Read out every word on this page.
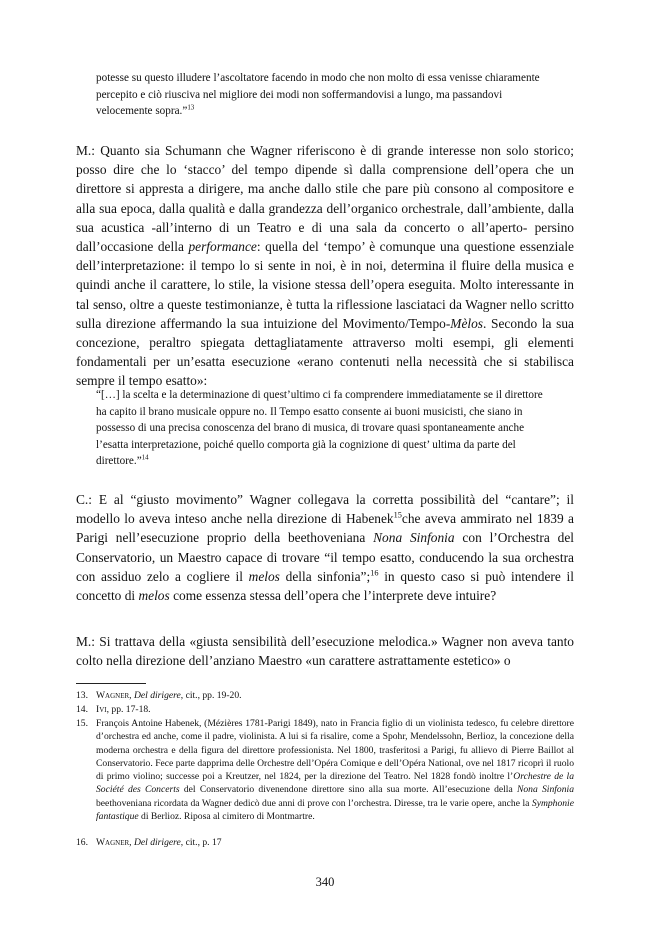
potesse su questo illudere l’ascoltatore facendo in modo che non molto di essa venisse chiaramente percepito e ciò riusciva nel migliore dei modi non soffermandovisi a lungo, ma passandovi velocemente sopra.”$^{13}$

M.: Quanto sia Schumann che Wagner riferiscono è di grande interesse non solo storico; posso dire che lo ‘stacco’ del tempo dipende sì dalla comprensione dell’opera che un direttore si appresta a dirigere, ma anche dallo stile che pare più consono al compositore e alla sua epoca, dalla qualità e dalla grandezza dell’organico orchestrale, dall’ambiente, dalla sua acustica -all’interno di un Teatro e di una sala da concerto o all’aperto- persino dall’occasione della performance: quella del ‘tempo’ è comunque una questione essenziale dell’interpretazione: il tempo lo si sente in noi, è in noi, determina il fluire della musica e quindi anche il carattere, lo stile, la visione stessa dell’opera eseguita. Molto interessante in tal senso, oltre a queste testimonianze, è tutta la riflessione lasciataci da Wagner nello scritto sulla direzione affermando la sua intuizione del Movimento/Tempo-Mèlos. Secondo la sua concezione, peraltro spiegata dettagliatamente attraverso molti esempi, gli elementi fondamentali per un’esatta esecuzione «erano contenuti nella necessità che si stabilisca sempre il tempo esatto»:

“[…] la scelta e la determinazione di quest’ultimo ci fa comprendere immediatamente se il direttore ha capito il brano musicale oppure no. Il Tempo esatto consente ai buoni musicisti, che siano in possesso di una precisa conoscenza del brano di musica, di trovare quasi spontaneamente anche l’esatta interpretazione, poiché quello comporta già la cognizione di quest’ ultima da parte del direttore.”$^{14}$

C.: E al “giusto movimento” Wagner collegava la corretta possibilità del “cantare”; il modello lo aveva inteso anche nella direzione di Habenek$^{15}$che aveva ammirato nel 1839 a Parigi nell’esecuzione proprio della beethoveniana Nona Sinfonia con l’Orchestra del Conservatorio, un Maestro capace di trovare “il tempo esatto, conducendo la sua orchestra con assiduo zelo a cogliere il melos della sinfonia”;$^{16}$ in questo caso si può intendere il concetto di melos come essenza stessa dell’opera che l’interprete deve intuire?

M.: Si trattava della «giusta sensibilità dell’esecuzione melodica.» Wagner non aveva tanto colto nella direzione dell’anziano Maestro «un carattere astrattamente estetico» o

13. Wagner, Del dirigere, cit., pp. 19-20.
14. Ivi, pp. 17-18.
15. François Antoine Habenek, (Mézières 1781-Parigi 1849), nato in Francia figlio di un violinista tedesco, fu celebre direttore d’orchestra ed anche, come il padre, violinista. A lui si fa risalire, come a Spohr, Mendelssohn, Berlioz, la concezione della moderna orchestra e della figura del direttore professionista. Nel 1800, trasferitosi a Parigi, fu allievo di Pierre Baillot al Conservatorio. Fece parte dapprima delle Orchestre dell’Opéra Comique e dell’Opéra National, ove nel 1817 ricoprì il ruolo di primo violino; successe poi a Kreutzer, nel 1824, per la direzione del Teatro. Nel 1828 fondò inoltre l’Orchestre de la Société des Concerts del Conservatorio divenendone direttore sino alla sua morte. All’esecuzione della Nona Sinfonia beethoveniana ricordata da Wagner dedicò due anni di prove con l’orchestra. Diresse, tra le varie opere, anche la Symphonie fantastique di Berlioz. Riposa al cimitero di Montmartre.
16. Wagner, Del dirigere, cit., p. 17
340
